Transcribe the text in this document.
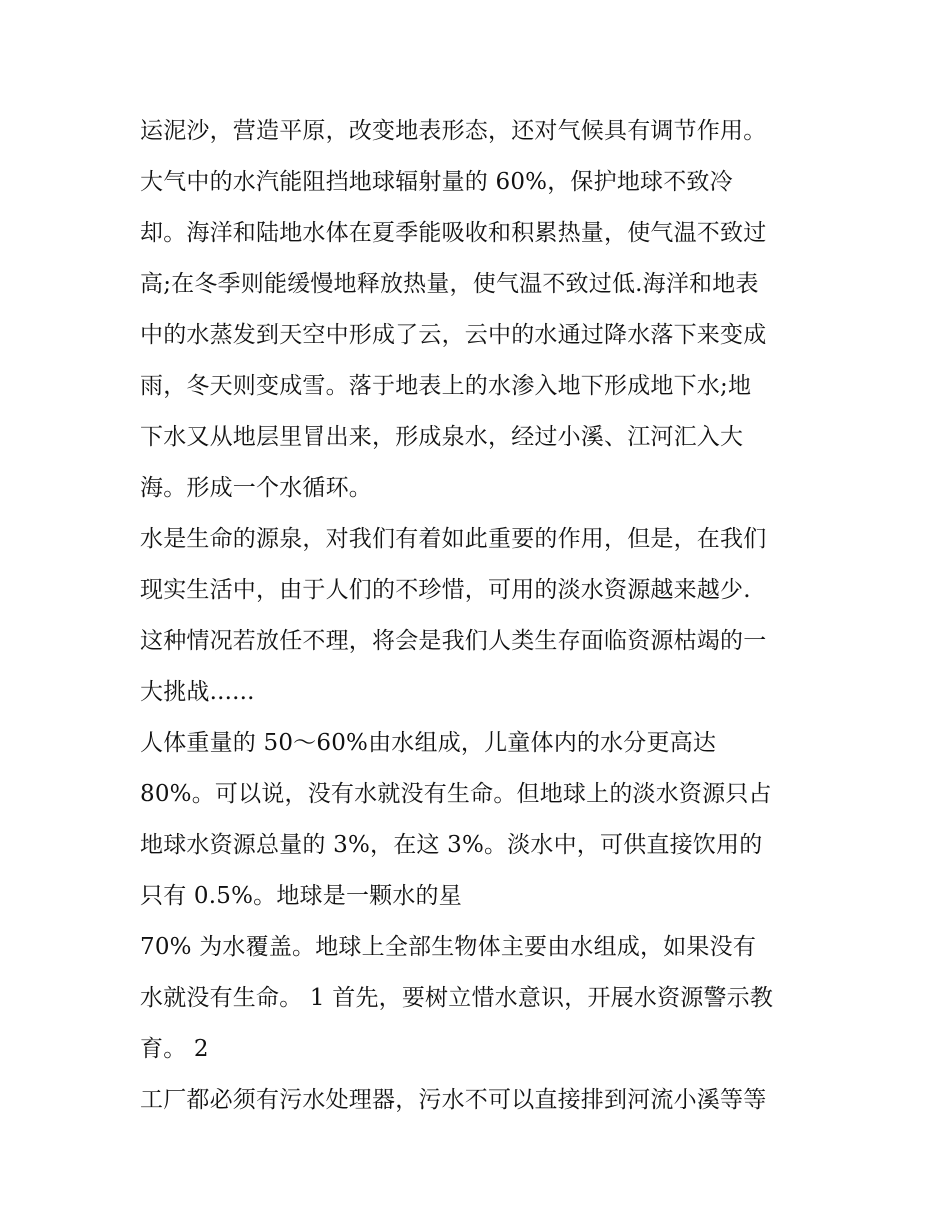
运泥沙，营造平原，改变地表形态，还对气候具有调节作用。
大气中的水汽能阻挡地球辐射量的 60%，保护地球不致冷
却。海洋和陆地水体在夏季能吸收和积累热量，使气温不致过
高;在冬季则能缓慢地释放热量，使气温不致过低.海洋和地表
中的水蒸发到天空中形成了云，云中的水通过降水落下来变成
雨，冬天则变成雪。落于地表上的水渗入地下形成地下水;地
下水又从地层里冒出来，形成泉水，经过小溪、江河汇入大
海。形成一个水循环。
水是生命的源泉，对我们有着如此重要的作用，但是，在我们
现实生活中，由于人们的不珍惜，可用的淡水资源越来越少.
这种情况若放任不理，将会是我们人类生存面临资源枯竭的一
大挑战......
人体重量的 50～60%由水组成，儿童体内的水分更高达
80%。可以说，没有水就没有生命。但地球上的淡水资源只占
地球水资源总量的 3%，在这 3%。淡水中，可供直接饮用的
只有 0.5%。地球是一颗水的星
70% 为水覆盖。地球上全部生物体主要由水组成，如果没有
水就没有生命。 1 首先，要树立惜水意识，开展水资源警示教
育。 2
工厂都必须有污水处理器，污水不可以直接排到河流小溪等等
